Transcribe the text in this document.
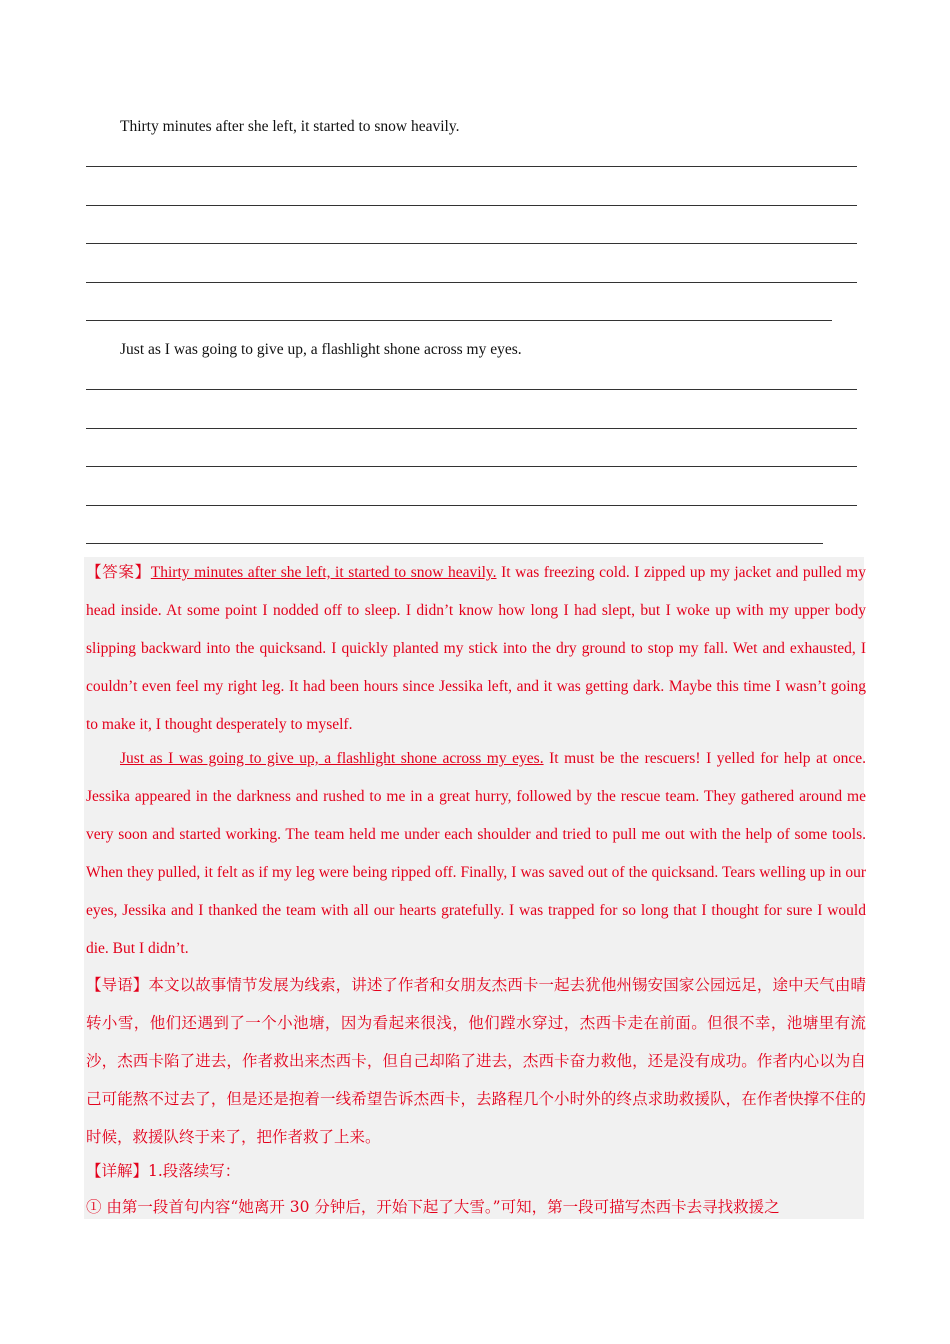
Thirty minutes after she left, it started to snow heavily.
Just as I was going to give up, a flashlight shone across my eyes.

【答案】Thirty minutes after she left, it started to snow heavily. It was freezing cold. I zipped up my jacket and pulled my head inside. At some point I nodded off to sleep. I didn’t know how long I had slept, but I woke up with my upper body slipping backward into the quicksand. I quickly planted my stick into the dry ground to stop my fall. Wet and exhausted, I couldn’t even feel my right leg. It had been hours since Jessika left, and it was getting dark. Maybe this time I wasn’t going to make it, I thought desperately to myself.

Just as I was going to give up, a flashlight shone across my eyes. It must be the rescuers! I yelled for help at once. Jessika appeared in the darkness and rushed to me in a great hurry, followed by the rescue team. They gathered around me very soon and started working. The team held me under each shoulder and tried to pull me out with the help of some tools. When they pulled, it felt as if my leg were being ripped off. Finally, I was saved out of the quicksand. Tears welling up in our eyes, Jessika and I thanked the team with all our hearts gratefully. I was trapped for so long that I thought for sure I would die. But I didn’t.

【导语】本文以故事情节发展为线索，讲述了作者和女朋友杰西卡一起去犹他州锡安国家公园远足，途中天气由晴转小雪，他们还遇到了一个小池塘，因为看起来很浅，他们蹚水穿过，杰西卡走在前面。但很不幸，池塘里有流沙，杰西卡陷了进去，作者救出来杰西卡，但自己却陷了进去，杰西卡奋力救他，还是没有成功。作者内心以为自己可能熬不过去了，但是还是抱着一线希望告诉杰西卡，去路程几个小时外的终点求助救援队，在作者快撑不住的时候，救援队终于来了，把作者救了上来。

【详解】1.段落续写：

① 由第一段首句内容“她离开 30 分钟后，开始下起了大雪。”可知，第一段可描写杰西卡去寻找救援之
